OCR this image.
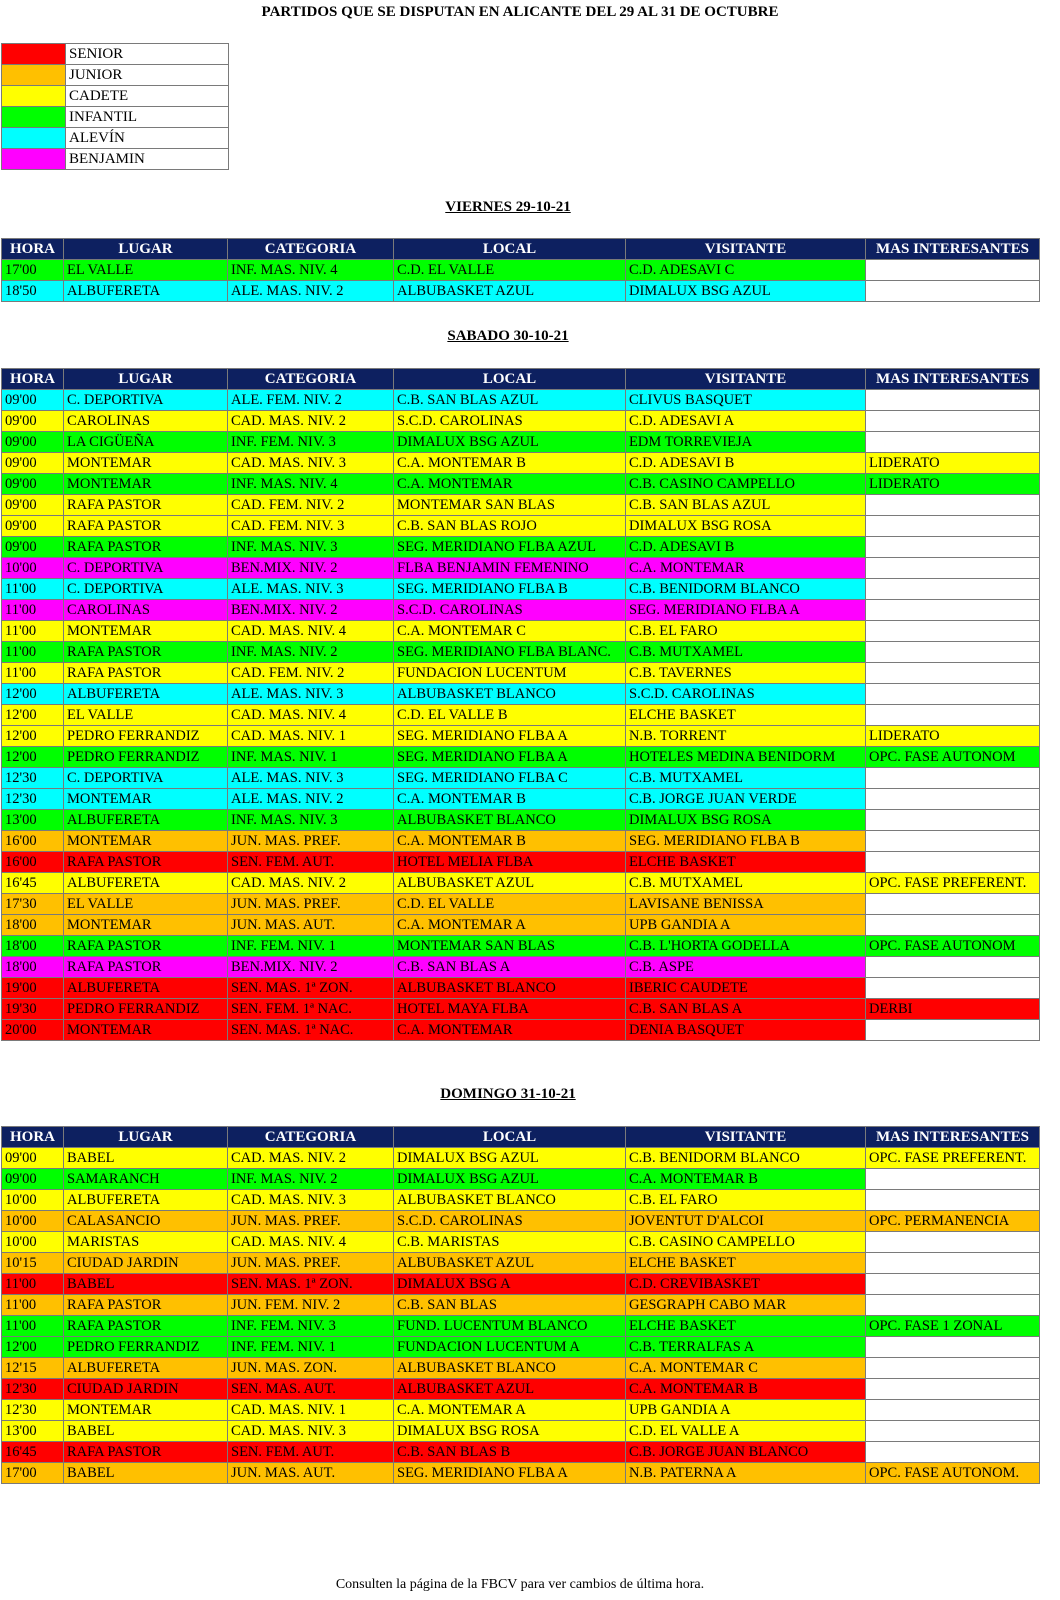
PARTIDOS QUE SE DISPUTAN EN ALICANTE DEL 29 AL 31 DE OCTUBRE
	SENIOR
	JUNIOR
	CADETE
	INFANTIL
	ALEVÍN
	BENJAMIN
VIERNES 29-10-21
HORA	LUGAR	CATEGORIA	LOCAL	VISITANTE	MAS INTERESANTES
17'00	EL VALLE	INF. MAS. NIV. 4	C.D. EL VALLE	C.D. ADESAVI C	
18'50	ALBUFERETA	ALE. MAS. NIV. 2	ALBUBASKET AZUL	DIMALUX BSG AZUL	
SABADO 30-10-21
HORA	LUGAR	CATEGORIA	LOCAL	VISITANTE	MAS INTERESANTES
09'00	C. DEPORTIVA	ALE. FEM. NIV. 2	C.B. SAN BLAS AZUL	CLIVUS BASQUET	
09'00	CAROLINAS	CAD. MAS. NIV. 2	S.C.D. CAROLINAS	C.D. ADESAVI A	
09'00	LA CIGÜEÑA	INF. FEM. NIV. 3	DIMALUX BSG AZUL	EDM TORREVIEJA	
09'00	MONTEMAR	CAD. MAS. NIV. 3	C.A. MONTEMAR B	C.D. ADESAVI B	LIDERATO
09'00	MONTEMAR	INF. MAS. NIV. 4	C.A. MONTEMAR	C.B. CASINO CAMPELLO	LIDERATO
09'00	RAFA PASTOR	CAD. FEM. NIV. 2	MONTEMAR SAN BLAS	C.B. SAN BLAS AZUL	
09'00	RAFA PASTOR	CAD. FEM. NIV. 3	C.B. SAN BLAS ROJO	DIMALUX BSG ROSA	
09'00	RAFA PASTOR	INF. MAS. NIV. 3	SEG. MERIDIANO FLBA AZUL	C.D. ADESAVI B	
10'00	C. DEPORTIVA	BEN.MIX. NIV. 2	FLBA BENJAMIN FEMENINO	C.A. MONTEMAR	
11'00	C. DEPORTIVA	ALE. MAS. NIV. 3	SEG. MERIDIANO FLBA B	C.B. BENIDORM BLANCO	
11'00	CAROLINAS	BEN.MIX. NIV. 2	S.C.D. CAROLINAS	SEG. MERIDIANO FLBA A	
11'00	MONTEMAR	CAD. MAS. NIV. 4	C.A. MONTEMAR C	C.B. EL FARO	
11'00	RAFA PASTOR	INF. MAS. NIV. 2	SEG. MERIDIANO FLBA BLANC.	C.B. MUTXAMEL	
11'00	RAFA PASTOR	CAD. FEM. NIV. 2	FUNDACION LUCENTUM	C.B. TAVERNES	
12'00	ALBUFERETA	ALE. MAS. NIV. 3	ALBUBASKET BLANCO	S.C.D. CAROLINAS	
12'00	EL VALLE	CAD. MAS. NIV. 4	C.D. EL VALLE B	ELCHE BASKET	
12'00	PEDRO FERRANDIZ	CAD. MAS. NIV. 1	SEG. MERIDIANO FLBA A	N.B. TORRENT	LIDERATO
12'00	PEDRO FERRANDIZ	INF. MAS. NIV. 1	SEG. MERIDIANO FLBA A	HOTELES MEDINA BENIDORM	OPC. FASE AUTONOM
12'30	C. DEPORTIVA	ALE. MAS. NIV. 3	SEG. MERIDIANO FLBA C	C.B. MUTXAMEL	
12'30	MONTEMAR	ALE. MAS. NIV. 2	C.A. MONTEMAR B	C.B. JORGE JUAN VERDE	
13'00	ALBUFERETA	INF. MAS. NIV. 3	ALBUBASKET BLANCO	DIMALUX BSG ROSA	
16'00	MONTEMAR	JUN. MAS. PREF.	C.A. MONTEMAR B	SEG. MERIDIANO FLBA B	
16'00	RAFA PASTOR	SEN. FEM. AUT.	HOTEL MELIA FLBA	ELCHE BASKET	
16'45	ALBUFERETA	CAD. MAS. NIV. 2	ALBUBASKET AZUL	C.B. MUTXAMEL	OPC. FASE PREFERENT.
17'30	EL VALLE	JUN. MAS. PREF.	C.D. EL VALLE	LAVISANE BENISSA	
18'00	MONTEMAR	JUN. MAS. AUT.	C.A. MONTEMAR A	UPB GANDIA A	
18'00	RAFA PASTOR	INF. FEM. NIV. 1	MONTEMAR SAN BLAS	C.B. L'HORTA GODELLA	OPC. FASE AUTONOM
18'00	RAFA PASTOR	BEN.MIX. NIV. 2	C.B. SAN BLAS A	C.B. ASPE	
19'00	ALBUFERETA	SEN. MAS. 1ª ZON.	ALBUBASKET BLANCO	IBERIC CAUDETE	
19'30	PEDRO FERRANDIZ	SEN. FEM. 1ª NAC.	HOTEL MAYA FLBA	C.B. SAN BLAS A	DERBI
20'00	MONTEMAR	SEN. MAS. 1ª NAC.	C.A. MONTEMAR	DENIA BASQUET	
DOMINGO 31-10-21
HORA	LUGAR	CATEGORIA	LOCAL	VISITANTE	MAS INTERESANTES
09'00	BABEL	CAD. MAS. NIV. 2	DIMALUX BSG AZUL	C.B. BENIDORM BLANCO	OPC. FASE PREFERENT.
09'00	SAMARANCH	INF. MAS. NIV. 2	DIMALUX BSG AZUL	C.A. MONTEMAR B	
10'00	ALBUFERETA	CAD. MAS. NIV. 3	ALBUBASKET BLANCO	C.B. EL FARO	
10'00	CALASANCIO	JUN. MAS. PREF.	S.C.D. CAROLINAS	JOVENTUT D'ALCOI	OPC. PERMANENCIA
10'00	MARISTAS	CAD. MAS. NIV. 4	C.B. MARISTAS	C.B. CASINO CAMPELLO	
10'15	CIUDAD JARDIN	JUN. MAS. PREF.	ALBUBASKET AZUL	ELCHE BASKET	
11'00	BABEL	SEN. MAS. 1ª ZON.	DIMALUX BSG A	C.D. CREVIBASKET	
11'00	RAFA PASTOR	JUN. FEM. NIV. 2	C.B. SAN BLAS	GESGRAPH CABO MAR	
11'00	RAFA PASTOR	INF. FEM. NIV. 3	FUND. LUCENTUM BLANCO	ELCHE BASKET	OPC. FASE 1 ZONAL
12'00	PEDRO FERRANDIZ	INF. FEM. NIV. 1	FUNDACION LUCENTUM A	C.B. TERRALFAS A	
12'15	ALBUFERETA	JUN. MAS. ZON.	ALBUBASKET BLANCO	C.A. MONTEMAR C	
12'30	CIUDAD JARDIN	SEN. MAS. AUT.	ALBUBASKET AZUL	C.A. MONTEMAR B	
12'30	MONTEMAR	CAD. MAS. NIV. 1	C.A. MONTEMAR A	UPB GANDIA A	
13'00	BABEL	CAD. MAS. NIV. 3	DIMALUX BSG ROSA	C.D. EL VALLE A	
16'45	RAFA PASTOR	SEN. FEM. AUT.	C.B. SAN BLAS B	C.B. JORGE JUAN BLANCO	
17'00	BABEL	JUN. MAS. AUT.	SEG. MERIDIANO FLBA A	N.B. PATERNA A	OPC. FASE AUTONOM.
Consulten la página de la FBCV para ver cambios de última hora.
